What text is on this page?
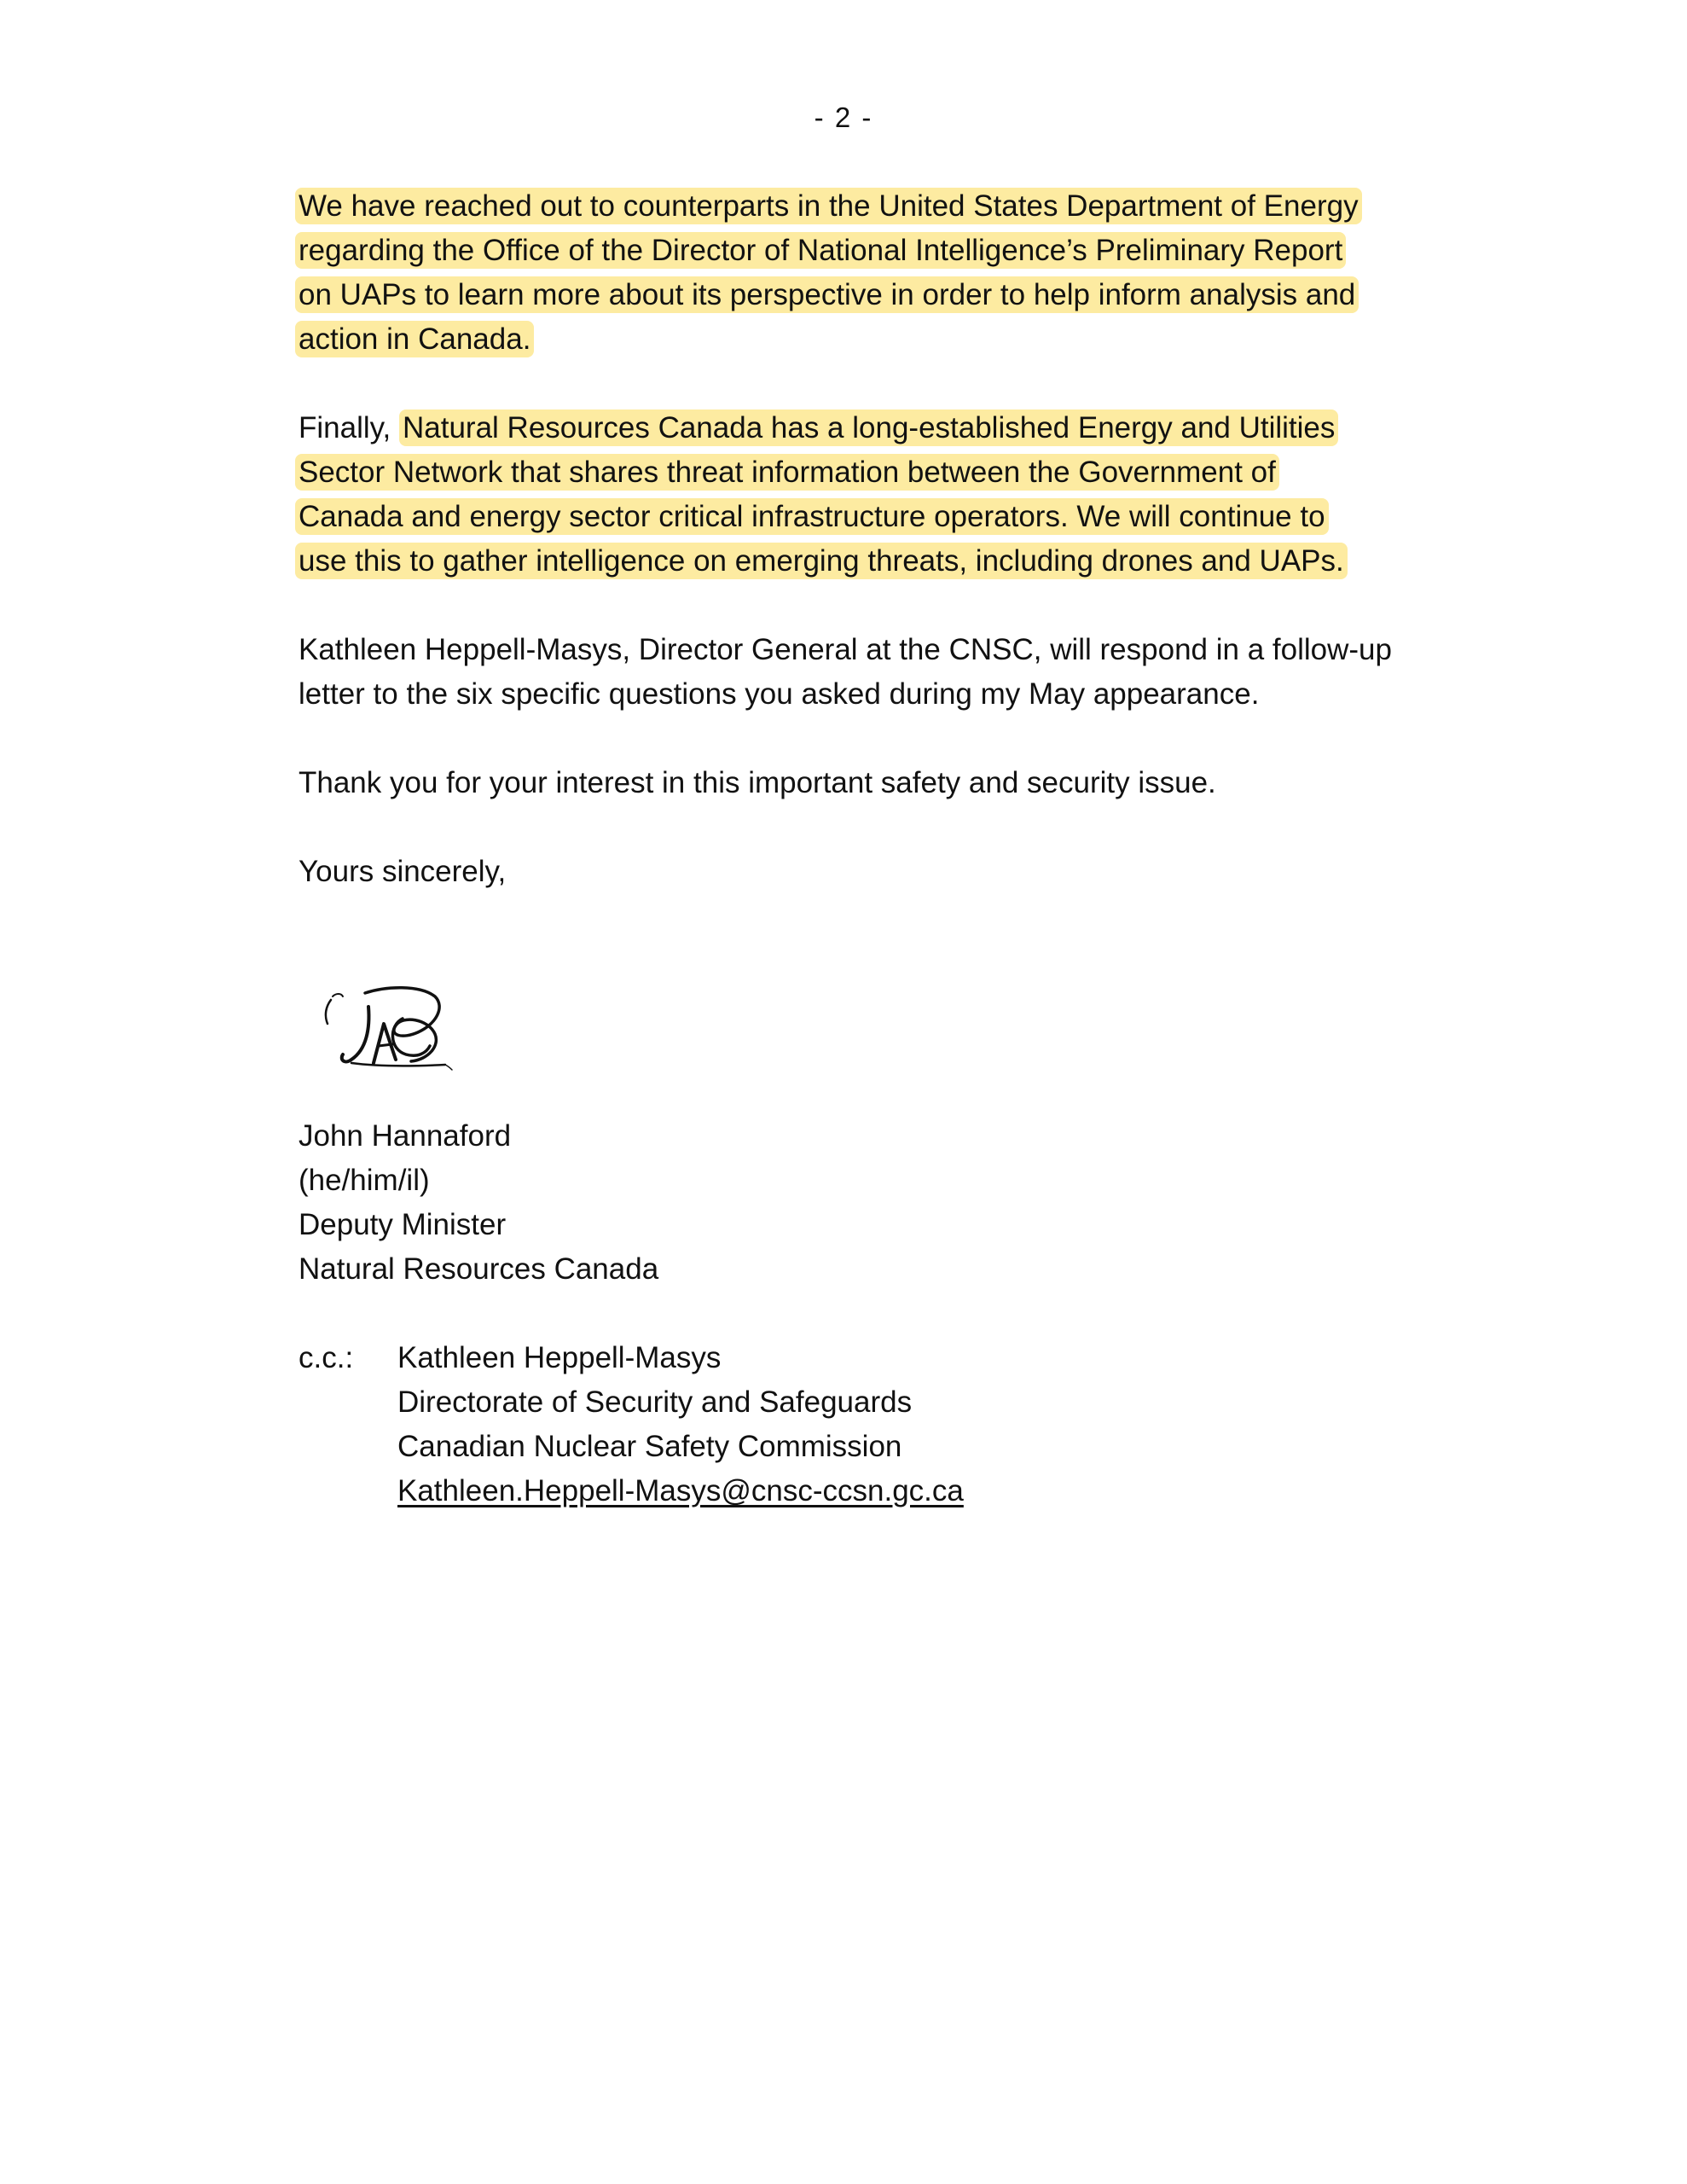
- 2 -
We have reached out to counterparts in the United States Department of Energy
regarding the Office of the Director of National Intelligence’s Preliminary Report
on UAPs to learn more about its perspective in order to help inform analysis and
action in Canada.
Finally, Natural Resources Canada has a long-established Energy and Utilities
Sector Network that shares threat information between the Government of
Canada and energy sector critical infrastructure operators. We will continue to
use this to gather intelligence on emerging threats, including drones and UAPs.
Kathleen Heppell-Masys, Director General at the CNSC, will respond in a follow-up
letter to the six specific questions you asked during my May appearance.
Thank you for your interest in this important safety and security issue.
Yours sincerely,
John Hannaford
(he/him/il)
Deputy Minister
Natural Resources Canada
c.c.: Kathleen Heppell-Masys
Directorate of Security and Safeguards
Canadian Nuclear Safety Commission
Kathleen.Heppell-Masys@cnsc-ccsn.gc.ca
